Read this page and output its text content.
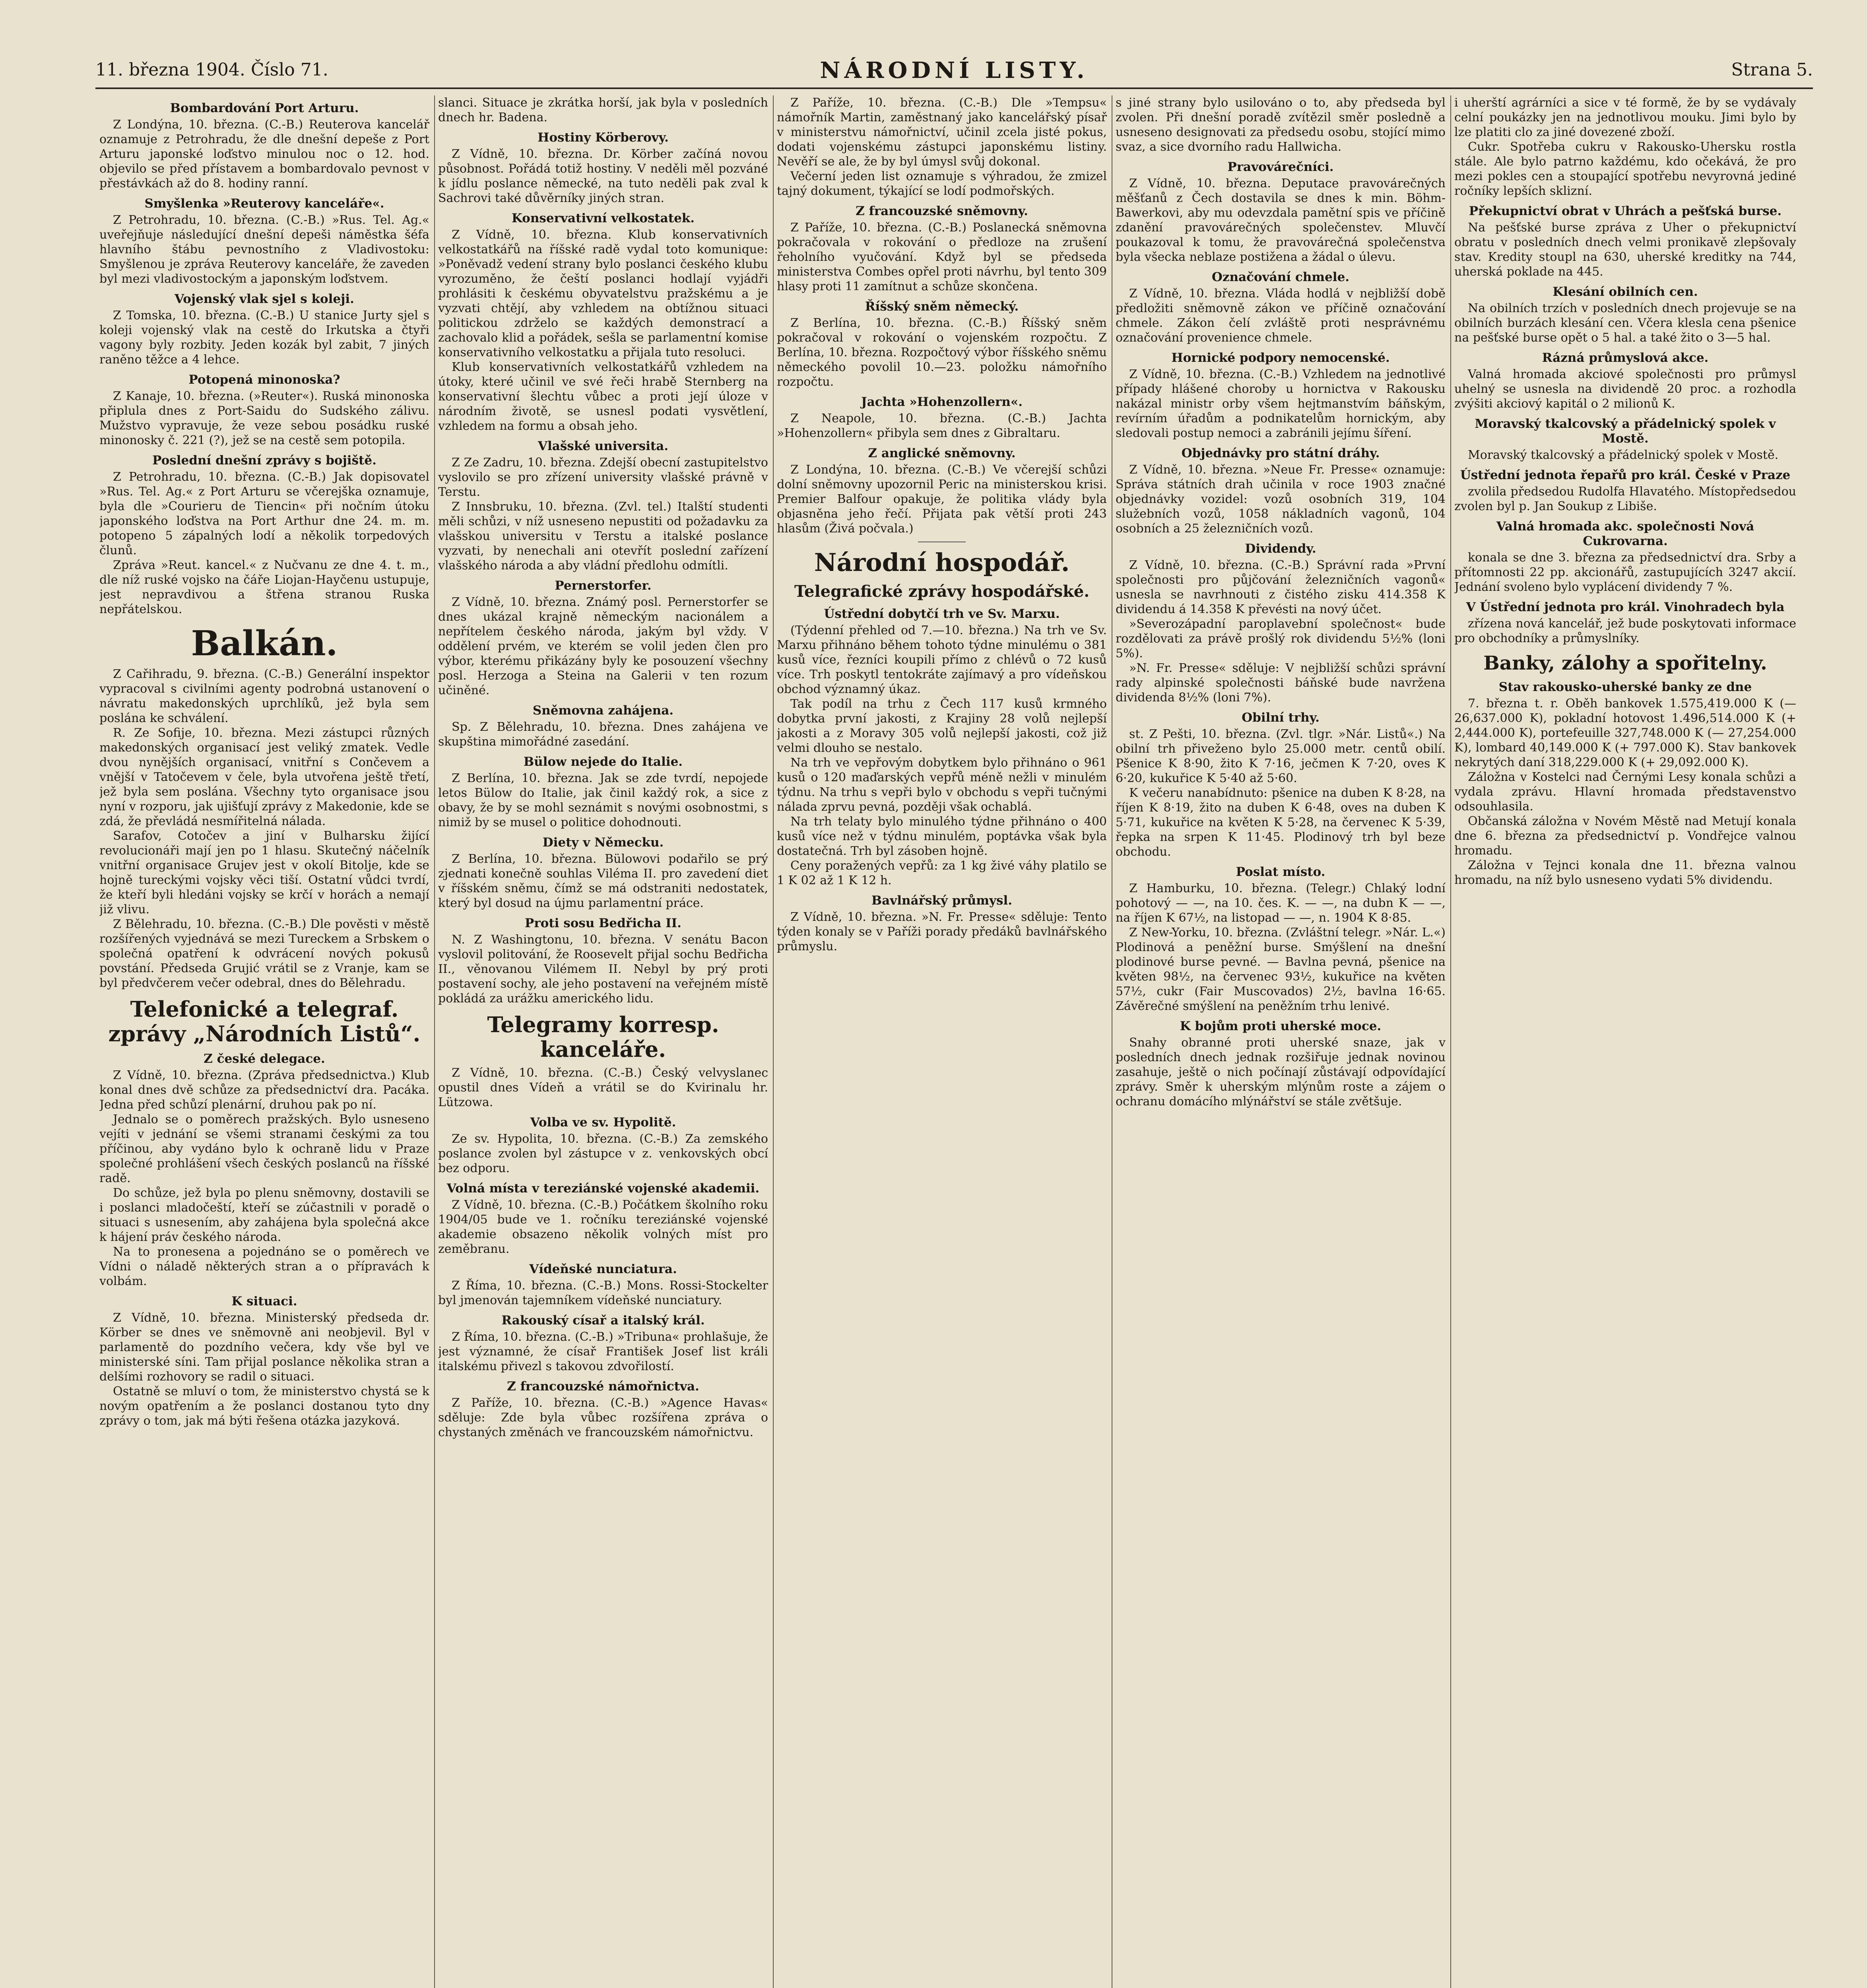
11. března 1904. Číslo 71.	NÁRODNÍ LISTY.	Strana 5.
Bombardování Port Arturu.

Z Londýna, 10. března. (C.-B.) Reuterova kancelář oznamuje z Petrohradu, že dle dnešní depeše z Port Arturu japonské loďstvo minulou noc o 12. hod. objevilo se před přístavem a bombardovalo pevnost v přestávkách až do 8. hodiny ranní.

Smyšlenka »Reuterovy kanceláře«.

Z Petrohradu, 10. března. (C.-B.) »Rus. Tel. Ag.« uveřejňuje následující dnešní depeši náměstka šéfa hlavního štábu pevnostního z Vladivostoku: Smyšlenou je zpráva Reuterovy kanceláře, že zaveden byl mezi vladivostockým a japonským loďstvem.

Vojenský vlak sjel s koleji.

Z Tomska, 10. března. (C.-B.) U stanice Jurty sjel s koleji vojenský vlak na cestě do Irkutska a čtyři vagony byly rozbity. Jeden kozák byl zabit, 7 jiných raněno těžce a 4 lehce.

Potopená minonoska?

Z Kanaje, 10. března. (»Reuter«). Ruská minonoska připlula dnes z Port-Saidu do Sudského zálivu. Mužstvo vypravuje, že veze sebou posádku ruské minonosky č. 221 (?), jež se na cestě sem potopila.

Poslední dnešní zprávy s bojiště.

Z Petrohradu, 10. března. (C.-B.) Jak dopisovatel »Rus. Tel. Ag.« z Port Arturu se včerejška oznamuje, byla dle »Courieru de Tiencin« při nočním útoku japonského loďstva na Port Arthur dne 24. m. m. potopeno 5 zápalných lodí a několik torpedových člunů.

Zpráva »Reut. kancel.« z Nučvanu ze dne 4. t. m., dle níž ruské vojsko na čáře Liojan-Hayčenu ustupuje, jest nepravdivou a štřena stranou Ruska nepřátelskou.

Balkán.

Z Cařihradu, 9. března. (C.-B.) Generální inspektor vypracoval s civilními agenty podrobná ustanovení o návratu makedonských uprchlíků, jež byla sem poslána ke schválení.

R. Ze Sofije, 10. března. Mezi zástupci různých makedonských organisací jest veliký zmatek. Vedle dvou nynějších organisací, vnitřní s Cončevem a vnější v Tatočevem v čele, byla utvořena ještě třetí, jež byla sem poslána. Všechny tyto organisace jsou nyní v rozporu, jak ujišťují zprávy z Makedonie, kde se zdá, že převládá nesmířitelná nálada.

Sarafov, Cotočev a jiní v Bulharsku žijící revolucionáři mají jen po 1 hlasu. Skutečný náčelník vnitřní organisace Grujev jest v okolí Bitolje, kde se hojně tureckými vojsky věci tiší. Ostatní vůdci tvrdí, že kteří byli hledáni vojsky se krčí v horách a nemají již vlivu.

Z Bělehradu, 10. března. (C.-B.) Dle pověsti v městě rozšířených vyjednává se mezi Tureckem a Srbskem o společná opatření k odvrácení nových pokusů povstání. Předseda Grujić vrátil se z Vranje, kam se byl předvčerem večer odebral, dnes do Bělehradu.

Telefonické a telegraf. zprávy „Národních Listů“.
Z české delegace.

Z Vídně, 10. března. (Zpráva předsednictva.) Klub konal dnes dvě schůze za předsednictví dra. Pacáka. Jedna před schůzí plenární, druhou pak po ní.

Jednalo se o poměrech pražských. Bylo usneseno vejíti v jednání se všemi stranami českými za tou příčinou, aby vydáno bylo k ochraně lidu v Praze společné prohlášení všech českých poslanců na říšské radě.

Do schůze, jež byla po plenu sněmovny, dostavili se i poslanci mladočeští, kteří se zúčastnili v poradě o situaci s usnesením, aby zahájena byla společná akce k hájení práv českého národa.

Na to pronesena a pojednáno se o poměrech ve Vídni o náladě některých stran a o přípravách k volbám.

K situaci.

Z Vídně, 10. března. Ministerský předseda dr. Körber se dnes ve sněmovně ani neobjevil. Byl v parlamentě do pozdního večera, kdy vše byl ve ministerské síni. Tam přijal poslance několika stran a delšími rozhovory se radil o situaci.

Ostatně se mluví o tom, že ministerstvo chystá se k novým opatřením a že poslanci dostanou tyto dny zprávy o tom, jak má býti řešena otázka jazyková.

slanci. Situace je zkrátka horší, jak byla v posledních dnech hr. Badena.

Hostiny Körberovy.

Z Vídně, 10. března. Dr. Körber začíná novou působnost. Pořádá totiž hostiny. V neděli měl pozváné k jídlu poslance německé, na tuto neděli pak zval k Sachrovi také důvěrníky jiných stran.

Konservativní velkostatek.

Z Vídně, 10. března. Klub konservativních velkostatkářů na říšské radě vydal toto komunique: »Poněvadž vedení strany bylo poslanci českého klubu vyrozuměno, že čeští poslanci hodlají vyjádři prohlásiti k českému obyvatelstvu pražskému a je vyzvati chtějí, aby vzhledem na obtížnou situaci politickou zdrželo se každých demonstrací a zachovalo klid a pořádek, sešla se parlamentní komise konservativního velkostatku a přijala tuto resoluci.

Klub konservativních velkostatkářů vzhledem na útoky, které učinil ve své řeči hrabě Sternberg na konservativní šlechtu vůbec a proti její úloze v národním životě, se usnesl podati vysvětlení, vzhledem na formu a obsah jeho.

Vlašské universita.

Z Ze Zadru, 10. března. Zdejší obecní zastupitelstvo vyslovilo se pro zřízení university vlašské právně v Terstu.

Z Innsbruku, 10. března. (Zvl. tel.) Italští studenti měli schůzi, v níž usneseno nepustiti od požadavku za vlašskou universitu v Terstu a italské poslance vyzvati, by nenechali ani otevřít poslední zařízení vlašského národa a aby vládní předlohu odmítli.

Pernerstorfer.

Z Vídně, 10. března. Známý posl. Pernerstorfer se dnes ukázal krajně německým nacionálem a nepřítelem českého národa, jakým byl vždy. V oddělení prvém, ve kterém se volil jeden člen pro výbor, kterému přikázány byly ke posouzení všechny posl. Herzoga a Steina na Galerii v ten rozum učiněné.

Sněmovna zahájena.

Sp. Z Bělehradu, 10. března. Dnes zahájena ve skupština mimořádné zasedání.

Bülow nejede do Italie.

Z Berlína, 10. března. Jak se zde tvrdí, nepojede letos Bülow do Italie, jak činil každý rok, a sice z obavy, že by se mohl seznámit s novými osobnostmi, s nimiž by se musel o politice dohodnouti.

Diety v Německu.

Z Berlína, 10. března. Bülowovi podařilo se prý zjednati konečně souhlas Viléma II. pro zavedení diet v říšském sněmu, čímž se má odstraniti nedostatek, který byl dosud na újmu parlamentní práce.

Proti sosu Bedřicha II.

N. Z Washingtonu, 10. března. V senátu Bacon vyslovil politování, že Roosevelt přijal sochu Bedřicha II., věnovanou Vilémem II. Nebyl by prý proti postavení sochy, ale jeho postavení na veřejném místě pokládá za urážku amerického lidu.

Telegramy korresp. kanceláře.

Z Vídně, 10. března. (C.-B.) Český velvyslanec opustil dnes Vídeň a vrátil se do Kvirinalu hr. Lützowa.

Volba ve sv. Hypolitě.

Ze sv. Hypolita, 10. března. (C.-B.) Za zemského poslance zvolen byl zástupce v z. venkovských obcí bez odporu.

Volná místa v tereziánské vojenské akademii.

Z Vídně, 10. března. (C.-B.) Počátkem školního roku 1904/05 bude ve 1. ročníku tereziánské vojenské akademie obsazeno několik volných míst pro zeměbranu.

Vídeňské nunciatura.

Z Říma, 10. března. (C.-B.) Mons. Rossi-Stockelter byl jmenován tajemníkem vídeňské nunciatury.

Rakouský císař a italský král.

Z Říma, 10. března. (C.-B.) »Tribuna« prohlašuje, že jest významné, že císař František Josef list králi italskému přivezl s takovou zdvořilostí.

Z francouzské námořnictva.

Z Paříže, 10. března. (C.-B.) »Agence Havas« sděluje: Zde byla vůbec rozšířena zpráva o chystaných změnách ve francouzském námořnictvu.

Z Paříže, 10. března. (C.-B.) Dle »Tempsu« námořník Martin, zaměstnaný jako kancelářský písař v ministerstvu námořnictví, učinil zcela jisté pokus, dodati vojenskému zástupci japonskému listiny. Nevěří se ale, že by byl úmysl svůj dokonal.

Večerní jeden list oznamuje s výhradou, že zmizel tajný dokument, týkající se lodí podmořských.

Z francouzské sněmovny.

Z Paříže, 10. března. (C.-B.) Poslanecká sněmovna pokračovala v rokování o předloze na zrušení řeholního vyučování. Když byl se předseda ministerstva Combes opřel proti návrhu, byl tento 309 hlasy proti 11 zamítnut a schůze skončena.

Říšský sněm německý.

Z Berlína, 10. března. (C.-B.) Říšský sněm pokračoval v rokování o vojenském rozpočtu. Z Berlína, 10. března. Rozpočtový výbor říšského sněmu německého povolil 10.—23. položku námořního rozpočtu.

Jachta »Hohenzollern«.

Z Neapole, 10. března. (C.-B.) Jachta »Hohenzollern« přibyla sem dnes z Gibraltaru.

Z anglické sněmovny.

Z Londýna, 10. března. (C.-B.) Ve včerejší schůzi dolní sněmovny upozornil Peric na ministerskou krisi. Premier Balfour opakuje, že politika vlády byla objasněna jeho řečí. Přijata pak větší proti 243 hlasům (Živá počvala.)

Národní hospodář.
Telegrafické zprávy hospodářské.
Ústřední dobytčí trh ve Sv. Marxu.

(Týdenní přehled od 7.—10. března.) Na trh ve Sv. Marxu přihnáno během tohoto týdne minulému o 381 kusů více, řezníci koupili přímo z chlévů o 72 kusů více. Trh poskytl tentokráte zajímavý a pro vídeňskou obchod významný úkaz.

Tak podíl na trhu z Čech 117 kusů krmného dobytka první jakosti, z Krajiny 28 volů nejlepší jakosti a z Moravy 305 volů nejlepší jakosti, což již velmi dlouho se nestalo.

Na trh ve vepřovým dobytkem bylo přihnáno o 961 kusů o 120 maďarských vepřů méně nežli v minulém týdnu. Na trhu s vepři bylo v obchodu s vepři tučnými nálada zprvu pevná, později však ochablá.

Na trh telaty bylo minulého týdne přihnáno o 400 kusů více než v týdnu minulém, poptávka však byla dostatečná. Trh byl zásoben hojně.

Ceny poražených vepřů: za 1 kg živé váhy platilo se 1 K 02 až 1 K 12 h.

Bavlnářský průmysl.

Z Vídně, 10. března. »N. Fr. Presse« sděluje: Tento týden konaly se v Paříži porady předáků bavlnářského průmyslu.

s jiné strany bylo usilováno o to, aby předseda byl zvolen. Při dnešní poradě zvítězil směr posledně a usneseno designovati za předsedu osobu, stojící mimo svaz, a sice dvorního radu Hallwicha.

Pravovárečníci.

Z Vídně, 10. března. Deputace pravovárečných měšťanů z Čech dostavila se dnes k min. Böhm-Bawerkovi, aby mu odevzdala pamětní spis ve příčině zdanění pravovárečných společenstev. Mluvčí poukazoval k tomu, že pravovárečná společenstva byla všecka neblaze postižena a žádal o úlevu.

Označování chmele.

Z Vídně, 10. března. Vláda hodlá v nejbližší době předložiti sněmovně zákon ve příčině označování chmele. Zákon čelí zvláště proti nesprávnému označování provenience chmele.

Hornické podpory nemocenské.

Z Vídně, 10. března. (C.-B.) Vzhledem na jednotlivé případy hlášené choroby u hornictva v Rakousku nakázal ministr orby všem hejtmanstvím báňským, revírním úřadům a podnikatelům hornickým, aby sledovali postup nemoci a zabránili jejímu šíření.

Objednávky pro státní dráhy.

Z Vídně, 10. března. »Neue Fr. Presse« oznamuje: Správa státních drah učinila v roce 1903 značné objednávky vozidel: vozů osobních 319, 104 služebních vozů, 1058 nákladních vagonů, 104 osobních a 25 železničních vozů.

Dividendy.

Z Vídně, 10. března. (C.-B.) Správní rada »První společnosti pro půjčování železničních vagonů« usnesla se navrhnouti z čistého zisku 414.358 K dividendu á 14.358 K převésti na nový účet.

»Severozápadní paroplavební společnost« bude rozdělovati za právě prošlý rok dividendu 5½% (loni 5%).

»N. Fr. Presse« sděluje: V nejbližší schůzi správní rady alpinské společnosti báňské bude navržena dividenda 8½% (loni 7%).

Obilní trhy.

st. Z Pešti, 10. března. (Zvl. tlgr. »Nár. Listů«.) Na obilní trh přiveženo bylo 25.000 metr. centů obilí. Pšenice K 8·90, žito K 7·16, ječmen K 7·20, oves K 6·20, kukuřice K 5·40 až 5·60.

K večeru nanabídnuto: pšenice na duben K 8·28, na říjen K 8·19, žito na duben K 6·48, oves na duben K 5·71, kukuřice na květen K 5·28, na červenec K 5·39, řepka na srpen K 11·45. Plodinový trh byl beze obchodu.

Poslat místo.

Z Hamburku, 10. března. (Telegr.) Chlaký lodní pohotový — —, na 10. čes. K. — —, na dubn K — —, na říjen K 67½, na listopad — —, n. 1904 K 8·85.

Z New-Yorku, 10. března. (Zvláštní telegr. »Nár. L.«) Plodinová a peněžní burse. Smýšlení na dnešní plodinové burse pevné. — Bavlna pevná, pšenice na květen 98½, na červenec 93½, kukuřice na květen 57½, cukr (Fair Muscovados) 2½, bavlna 16·65. Závěrečné smýšlení na peněžním trhu lenivé.

K bojům proti uherské moce.

Snahy obranné proti uherské snaze, jak v posledních dnech jednak rozšiřuje jednak novinou zasahuje, ještě o nich počínají zůstávají odpovídající zprávy. Směr k uherským mlýnům roste a zájem o ochranu domácího mlýnářství se stále zvětšuje.

i uherští agrárníci a sice v té formě, že by se vydávaly celní poukázky jen na jednotlivou mouku. Jimi bylo by lze platiti clo za jiné dovezené zboží.

Cukr. Spotřeba cukru v Rakousko-Uhersku rostla stále. Ale bylo patrno každému, kdo očekává, že pro mezi pokles cen a stoupající spotřebu nevyrovná jediné ročníky lepších sklizní.

Překupnictví obrat v Uhrách a pešťská burse.

Na pešťské burse zpráva z Uher o překupnictví obratu v posledních dnech velmi pronikavě zlepšovaly stav. Kredity stoupl na 630, uherské kreditky na 744, uherská poklade na 445.

Klesání obilních cen.

Na obilních trzích v posledních dnech projevuje se na obilních burzách klesání cen. Včera klesla cena pšenice na pešťské burse opět o 5 hal. a také žito o 3—5 hal.

Rázná průmyslová akce.

Valná hromada akciové společnosti pro průmysl uhelný se usnesla na dividendě 20 proc. a rozhodla zvýšiti akciový kapitál o 2 milionů K.

Moravský tkalcovský a přádelnický spolek v Mostě.

Moravský tkalcovský a přádelnický spolek v Mostě.

Ústřední jednota řepařů pro král. České v Praze

zvolila předsedou Rudolfa Hlavatého. Místopředsedou zvolen byl p. Jan Soukup z Libiše.

Valná hromada akc. společnosti Nová Cukrovarna.

konala se dne 3. března za předsednictví dra. Srby a přítomnosti 22 pp. akcionářů, zastupujících 3247 akcií. Jednání svoleno bylo vyplácení dividendy 7 %.

V Ústřední jednota pro král. Vinohradech byla

zřízena nová kancelář, jež bude poskytovati informace pro obchodníky a průmyslníky.

Banky, zálohy a spořitelny.
Stav rakousko-uherské banky ze dne

7. března t. r. Oběh bankovek 1.575,419.000 K (— 26,637.000 K), pokladní hotovost 1.496,514.000 K (+ 2,444.000 K), portefeuille 327,748.000 K (— 27,254.000 K), lombard 40,149.000 K (+ 797.000 K). Stav bankovek nekrytých daní 318,229.000 K (+ 29,092.000 K).

Záložna v Kostelci nad Černými Lesy konala schůzi a vydala zprávu. Hlavní hromada představenstvo odsouhlasila.

Občanská záložna v Novém Městě nad Metují konala dne 6. března za předsednictví p. Vondřejce valnou hromadu.

Záložna v Tejnci konala dne 11. března valnou hromadu, na níž bylo usneseno vydati 5% dividendu.
